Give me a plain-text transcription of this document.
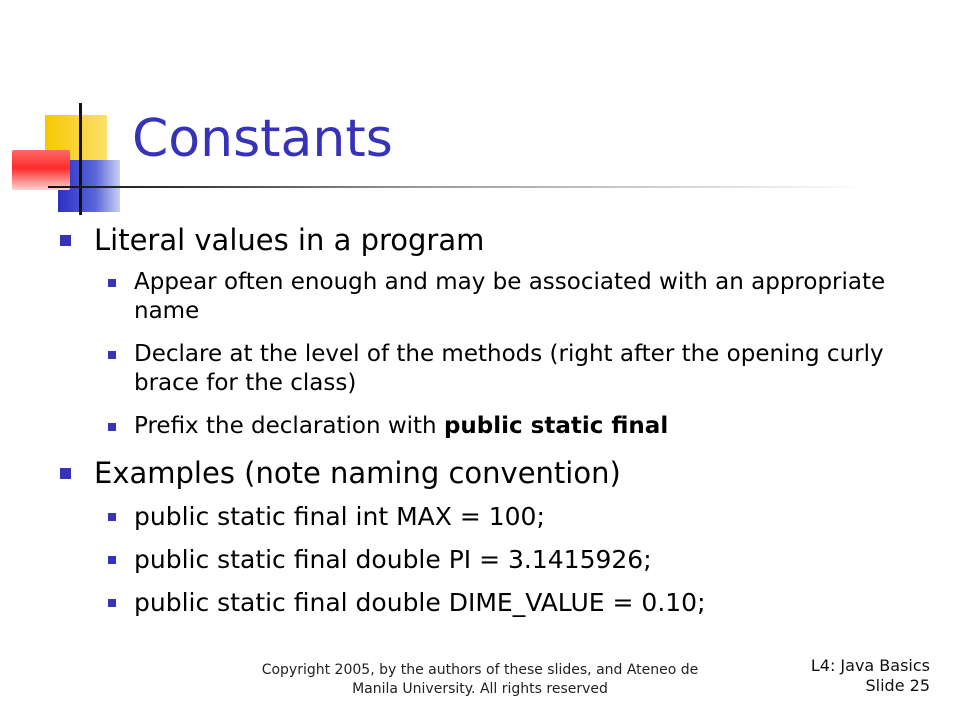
Constants
Literal values in a program
Appear often enough and may be associated with an appropriate name
Declare at the level of the methods (right after the opening curly brace for the class)
Prefix the declaration with public static final
Examples (note naming convention)
public static final int MAX = 100;
public static final double PI = 3.1415926;
public static final double DIME_VALUE = 0.10;
Copyright 2005, by the authors of these slides, and Ateneo de
Manila University. All rights reserved
L4: Java Basics
Slide 25
